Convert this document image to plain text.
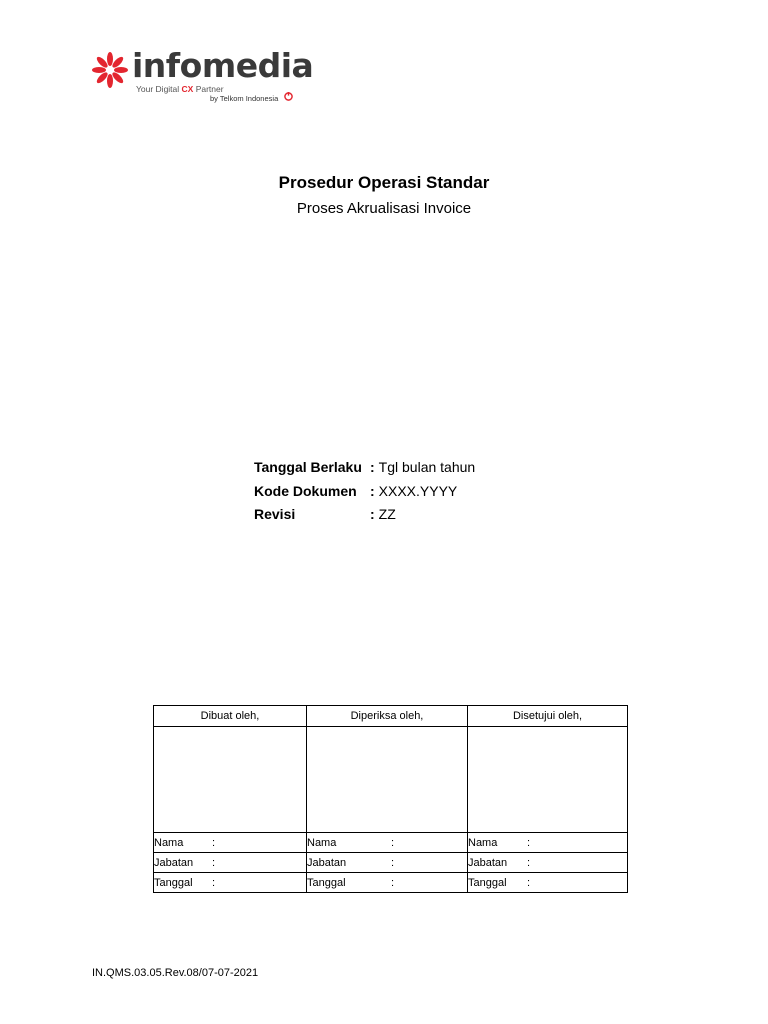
infomedia
Your Digital CX Partner
by Telkom Indonesia
Prosedur Operasi Standar
Proses Akrualisasi Invoice
Tanggal Berlaku : Tgl bulan tahun
Kode Dokumen : XXXX.YYYY
Revisi	: ZZ
Dibuat oleh,	Diperiksa oleh,	Disetujui oleh,

Nama :	Nama :	Nama :
Jabatan :	Jabatan :	Jabatan :
Tanggal :	Tanggal :	Tanggal :
IN.QMS.03.05.Rev.08/07-07-2021
